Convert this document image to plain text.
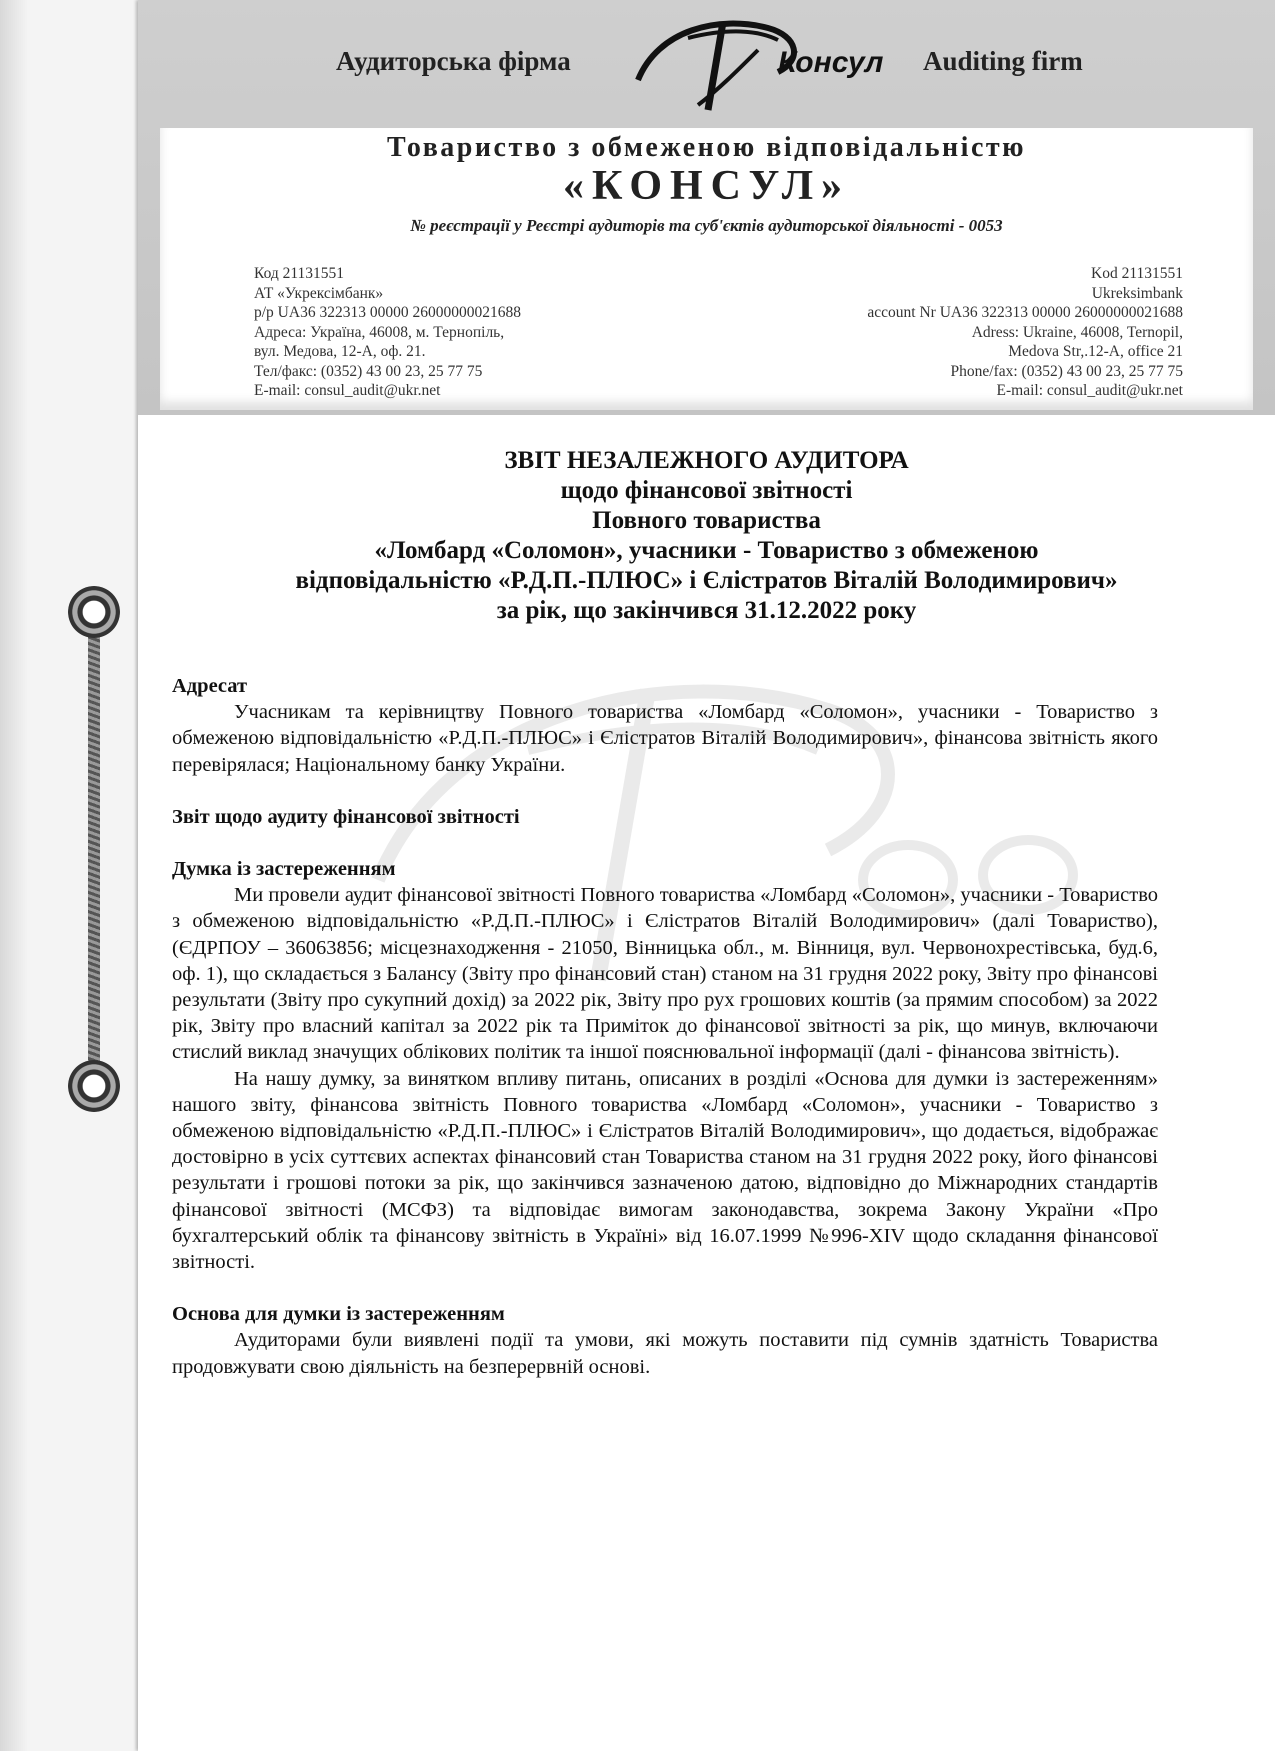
Аудиторська фірма	Auditing firm
Консул
Товариство з обмеженою відповідальністю
«КОНСУЛ»
№ реєстрації у Реєстрі аудиторів та суб'єктів аудиторської діяльності - 0053
Код 21131551
АТ «Укрексімбанк»
р/р UA36 322313 00000 26000000021688
Адреса: Україна, 46008, м. Тернопіль,
вул. Медова, 12-А, оф. 21.
Тел/факс: (0352) 43 00 23, 25 77 75
E-mail: consul_audit@ukr.net
Kod 21131551
Ukreksimbank
account Nr UA36 322313 00000 26000000021688
Adress: Ukraine, 46008, Ternopil,
Medova Str,.12-A, office 21
Phone/fax: (0352) 43 00 23, 25 77 75
E-mail: consul_audit@ukr.net
ЗВІТ НЕЗАЛЕЖНОГО АУДИТОРА
щодо фінансової звітності
Повного товариства
«Ломбард «Соломон», учасники - Товариство з обмеженою
відповідальністю «Р.Д.П.-ПЛЮС» і Єлістратов Віталій Володимирович»
за рік, що закінчився 31.12.2022 року

Адресат

Учасникам та керівництву Повного товариства «Ломбард «Соломон», учасники - Товариство з обмеженою відповідальністю «Р.Д.П.-ПЛЮС» і Єлістратов Віталій Володимирович», фінансова звітність якого перевірялася; Національному банку України.

Звіт щодо аудиту фінансової звітності

Думка із застереженням

Ми провели аудит фінансової звітності Повного товариства «Ломбард «Соломон», учасники - Товариство з обмеженою відповідальністю «Р.Д.П.-ПЛЮС» і Єлістратов Віталій Володимирович» (далі Товариство), (ЄДРПОУ – 36063856; місцезнаходження - 21050, Вінницька обл., м. Вінниця, вул. Червонохрестівська, буд.6, оф. 1), що складається з Балансу (Звіту про фінансовий стан) станом на 31 грудня 2022 року, Звіту про фінансові результати (Звіту про сукупний дохід) за 2022 рік, Звіту про рух грошових коштів (за прямим способом) за 2022 рік, Звіту про власний капітал за 2022 рік та Приміток до фінансової звітності за рік, що минув, включаючи стислий виклад значущих облікових політик та іншої пояснювальної інформації (далі - фінансова звітність).

На нашу думку, за винятком впливу питань, описаних в розділі «Основа для думки із застереженням» нашого звіту, фінансова звітність Повного товариства «Ломбард «Соломон», учасники - Товариство з обмеженою відповідальністю «Р.Д.П.-ПЛЮС» і Єлістратов Віталій Володимирович», що додається, відображає достовірно в усіх суттєвих аспектах фінансовий стан Товариства станом на 31 грудня 2022 року, його фінансові результати і грошові потоки за рік, що закінчився зазначеною датою, відповідно до Міжнародних стандартів фінансової звітності (МСФЗ) та відповідає вимогам законодавства, зокрема Закону України «Про бухгалтерський облік та фінансову звітність в Україні» від 16.07.1999 №996-XIV щодо складання фінансової звітності.

Основа для думки із застереженням

Аудиторами були виявлені події та умови, які можуть поставити під сумнів здатність Товариства продовжувати свою діяльність на безперервній основі.
